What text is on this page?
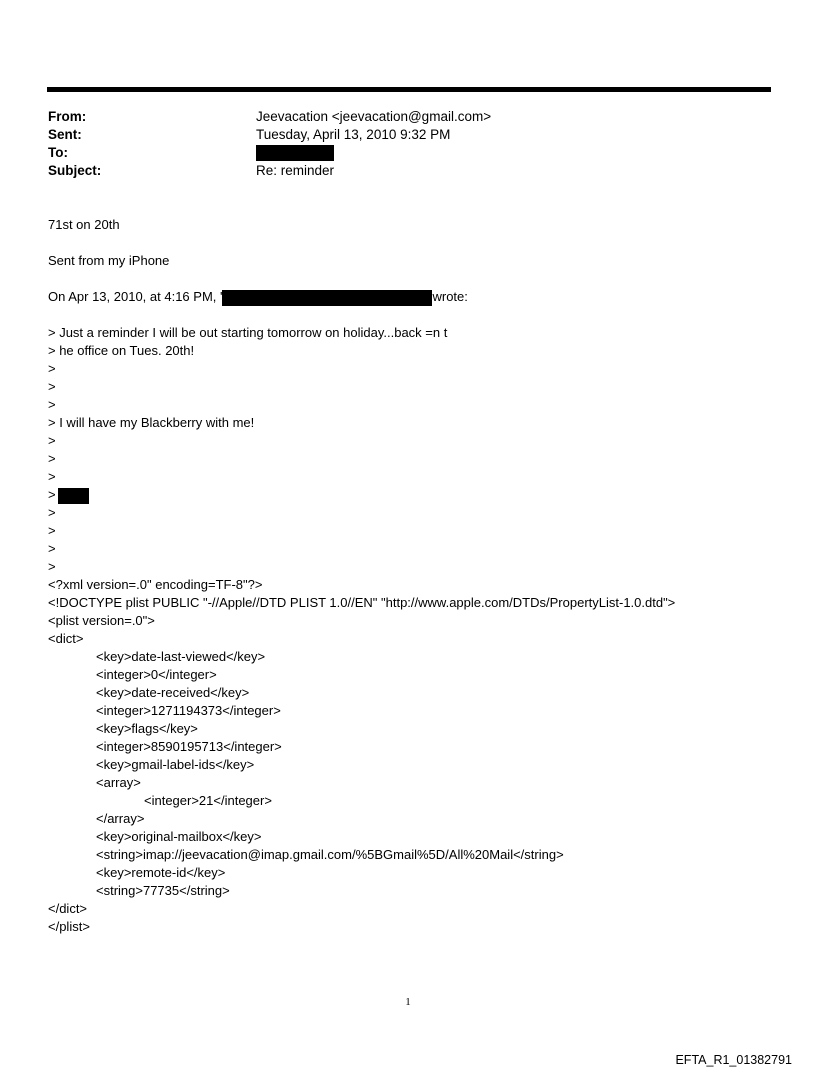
From:	Jeevacation <jeevacation@gmail.com>
Sent:	Tuesday, April 13, 2010 9:32 PM
To:
Subject:	Re: reminder
71st on 20th
Sent from my iPhone
On Apr 13, 2010, at 4:16 PM, '	wrote:
> Just a reminder I will be out starting tomorrow on holiday...back =n t
> he office on Tues. 20th!
>
>
>
> I will have my Blackberry with me!
>
>
>
>
>
>
>
>
<?xml version=.0" encoding=TF-8"?>
<!DOCTYPE plist PUBLIC "-//Apple//DTD PLIST 1.0//EN" "http://www.apple.com/DTDs/PropertyList-1.0.dtd">
<plist version=.0">
<dict>
<key>date-last-viewed</key>
<integer>0</integer>
<key>date-received</key>
<integer>1271194373</integer>
<key>flags</key>
<integer>8590195713</integer>
<key>gmail-label-ids</key>
<array>
<integer>21</integer>
</array>
<key>original-mailbox</key>
<string>imap://jeevacation@imap.gmail.com/%5BGmail%5D/All%20Mail</string>
<key>remote-id</key>
<string>77735</string>
</dict>
</plist>
1
EFTA_R1_01382791
